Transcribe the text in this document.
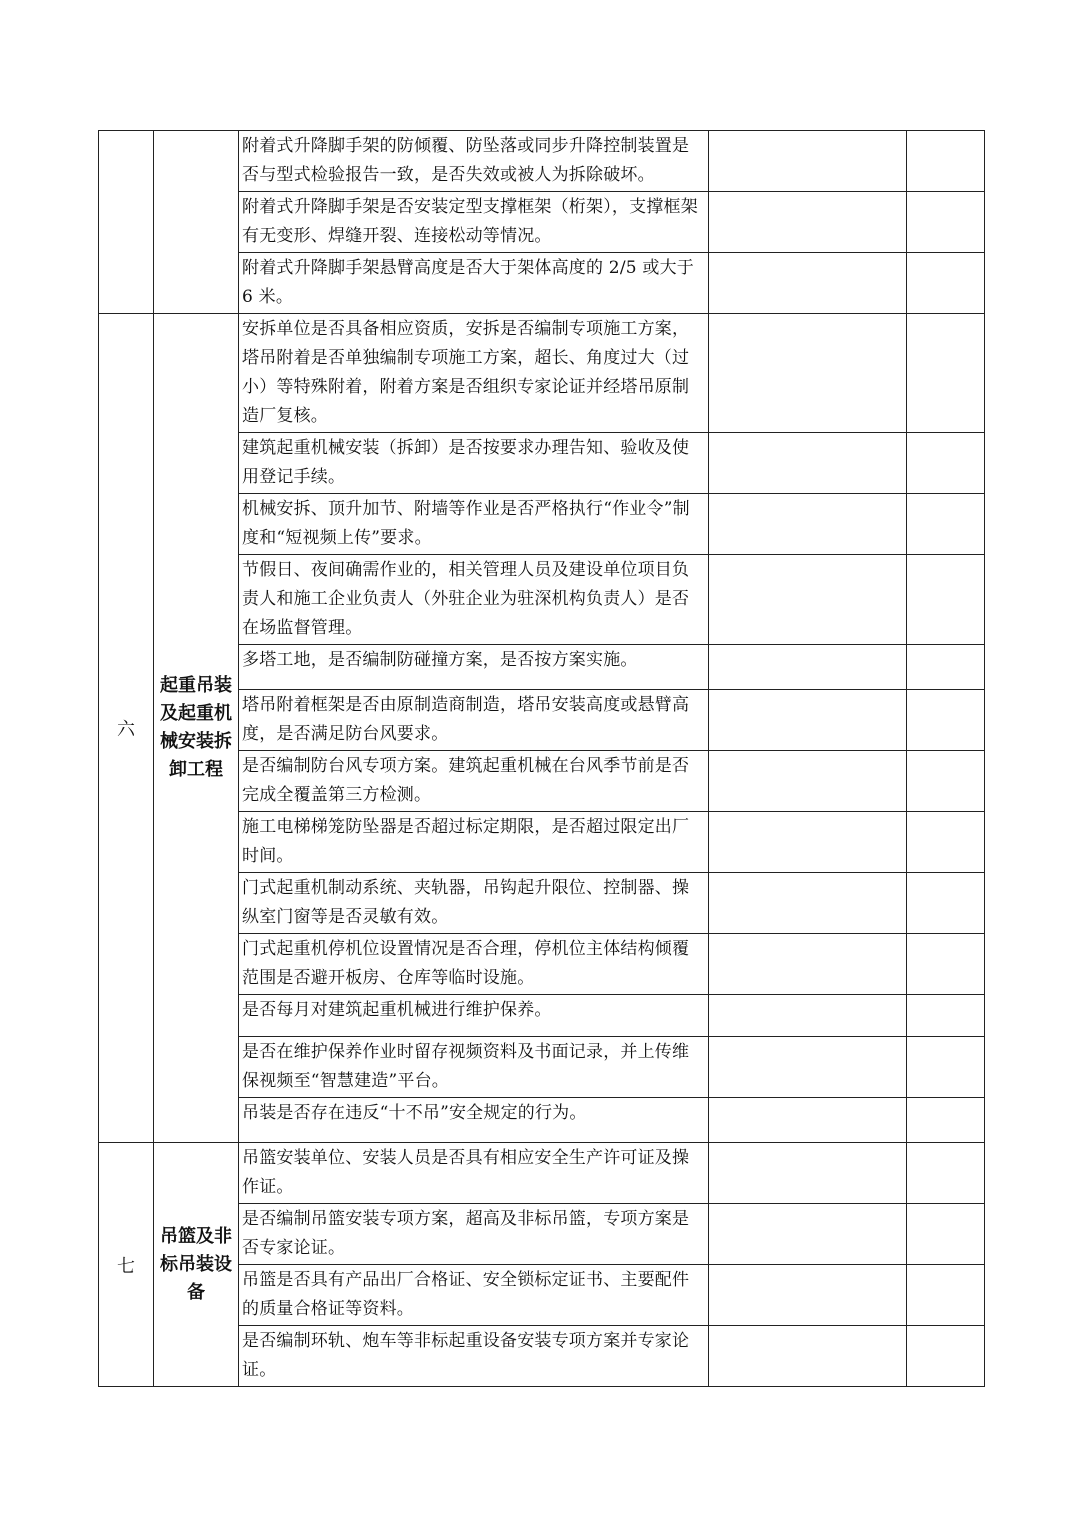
		附着式升降脚手架的防倾覆、防坠落或同步升降控制装置是否与型式检验报告一致，是否失效或被人为拆除破坏。		
		附着式升降脚手架是否安装定型支撑框架（桁架），支撑框架有无变形、焊缝开裂、连接松动等情况。		
		附着式升降脚手架悬臂高度是否大于架体高度的 2/5 或大于 6 米。		
六	起重吊装及起重机械安装拆卸工程	安拆单位是否具备相应资质，安拆是否编制专项施工方案，塔吊附着是否单独编制专项施工方案，超长、角度过大（过小）等特殊附着，附着方案是否组织专家论证并经塔吊原制造厂复核。		
		建筑起重机械安装（拆卸）是否按要求办理告知、验收及使用登记手续。		
		机械安拆、顶升加节、附墙等作业是否严格执行“作业令”制度和“短视频上传”要求。		
		节假日、夜间确需作业的，相关管理人员及建设单位项目负责人和施工企业负责人（外驻企业为驻深机构负责人）是否在场监督管理。		
		多塔工地，是否编制防碰撞方案，是否按方案实施。		
		塔吊附着框架是否由原制造商制造，塔吊安装高度或悬臂高度，是否满足防台风要求。		
		是否编制防台风专项方案。建筑起重机械在台风季节前是否完成全覆盖第三方检测。		
		施工电梯梯笼防坠器是否超过标定期限，是否超过限定出厂时间。		
		门式起重机制动系统、夹轨器，吊钩起升限位、控制器、操纵室门窗等是否灵敏有效。		
		门式起重机停机位设置情况是否合理，停机位主体结构倾覆范围是否避开板房、仓库等临时设施。		
		是否每月对建筑起重机械进行维护保养。		
		是否在维护保养作业时留存视频资料及书面记录，并上传维保视频至“智慧建造”平台。		
		吊装是否存在违反“十不吊”安全规定的行为。		
七	吊篮及非标吊装设备	吊篮安装单位、安装人员是否具有相应安全生产许可证及操作证。		
		是否编制吊篮安装专项方案，超高及非标吊篮，专项方案是否专家论证。		
		吊篮是否具有产品出厂合格证、安全锁标定证书、主要配件的质量合格证等资料。		
		是否编制环轨、炮车等非标起重设备安装专项方案并专家论证。		
